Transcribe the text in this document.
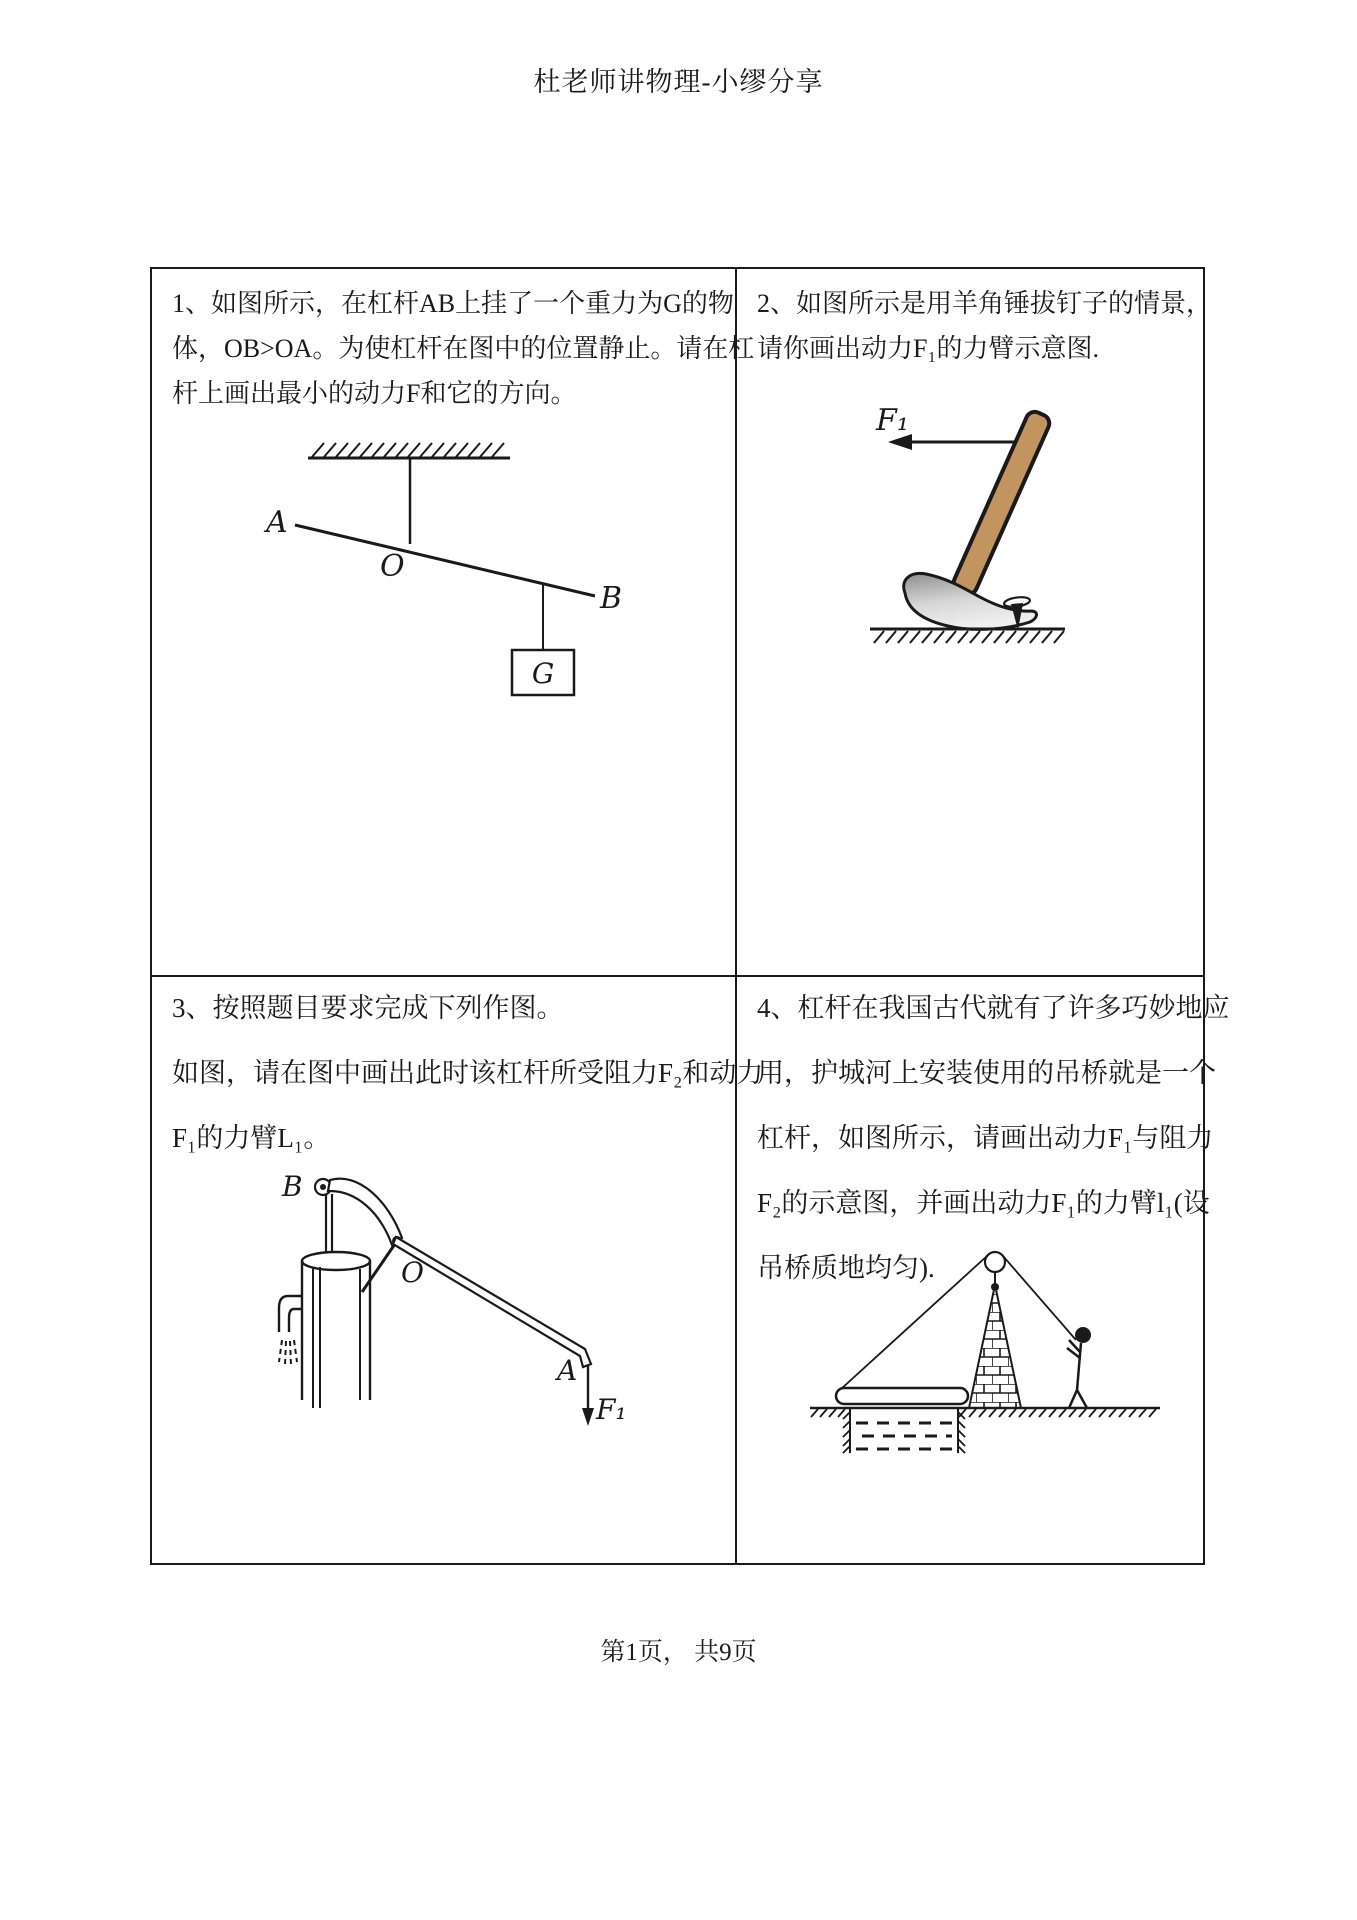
杜老师讲物理-小缪分享
1、如图所示，在杠杆AB上挂了一个重力为G的物
体，OB>OA。为使杠杆在图中的位置静止。请在杠
杆上画出最小的动力F和它的方向。
2、如图所示是用羊角锤拔钉子的情景，
请你画出动力F₁的力臂示意图.
3、按照题目要求完成下列作图。
如图，请在图中画出此时该杠杆所受阻力F₂和动力
F₁的力臂L₁。
4、杠杆在我国古代就有了许多巧妙地应
用，护城河上安装使用的吊桥就是一个
杠杆，如图所示，请画出动力F₁与阻力
F₂的示意图，并画出动力F₁的力臂l₁(设
吊桥质地均匀).
A
O
B
G
F₁
B
O
A
F₁
第1页， 共9页
